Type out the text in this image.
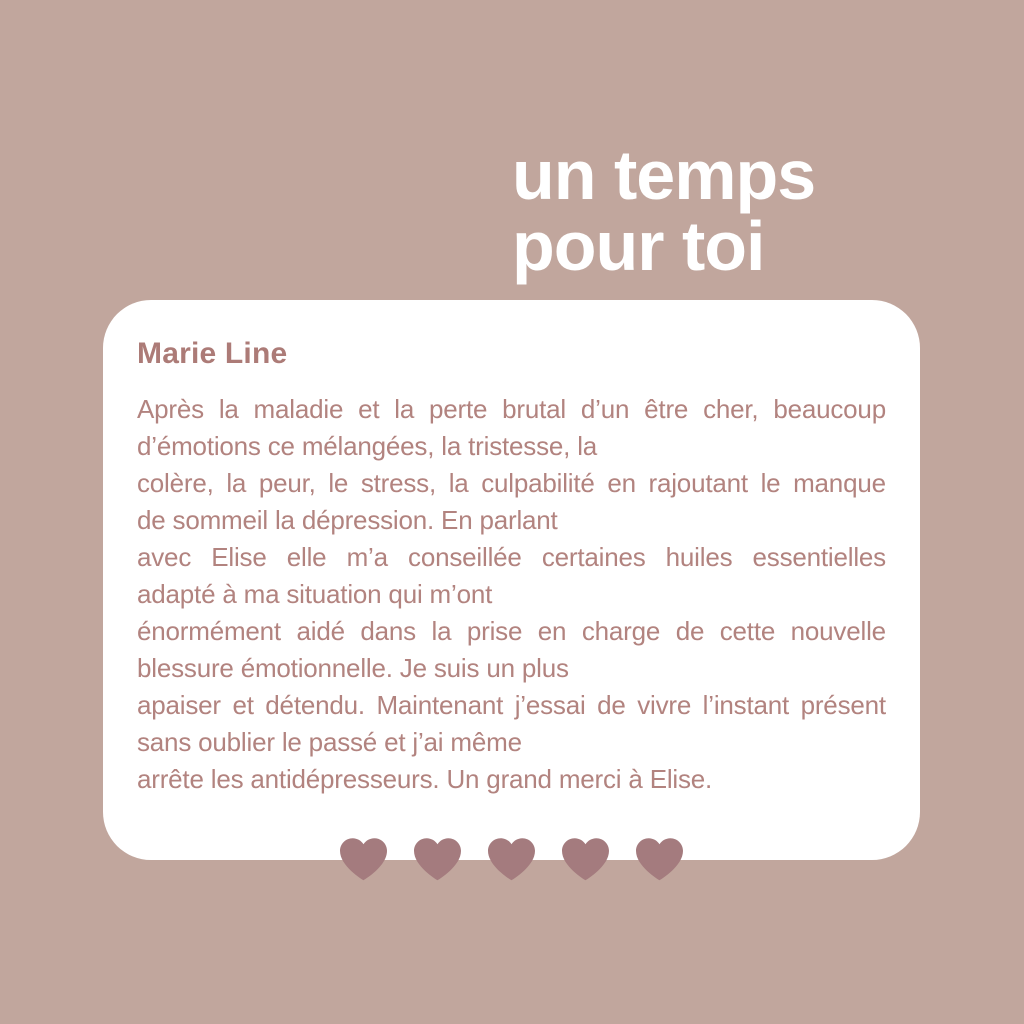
un temps
pour toi
Marie Line
Après la maladie et la perte brutal d’un être cher, beaucoup
d’émotions ce mélangées, la tristesse, la
colère, la peur, le stress, la culpabilité en rajoutant le manque
de sommeil la dépression. En parlant
avec Elise elle m’a conseillée certaines huiles essentielles
adapté à ma situation qui m’ont
énormément aidé dans la prise en charge de cette nouvelle
blessure émotionnelle. Je suis un plus
apaiser et détendu. Maintenant j’essai de vivre l’instant présent
sans oublier le passé et j’ai même
arrête les antidépresseurs. Un grand merci à Elise.
